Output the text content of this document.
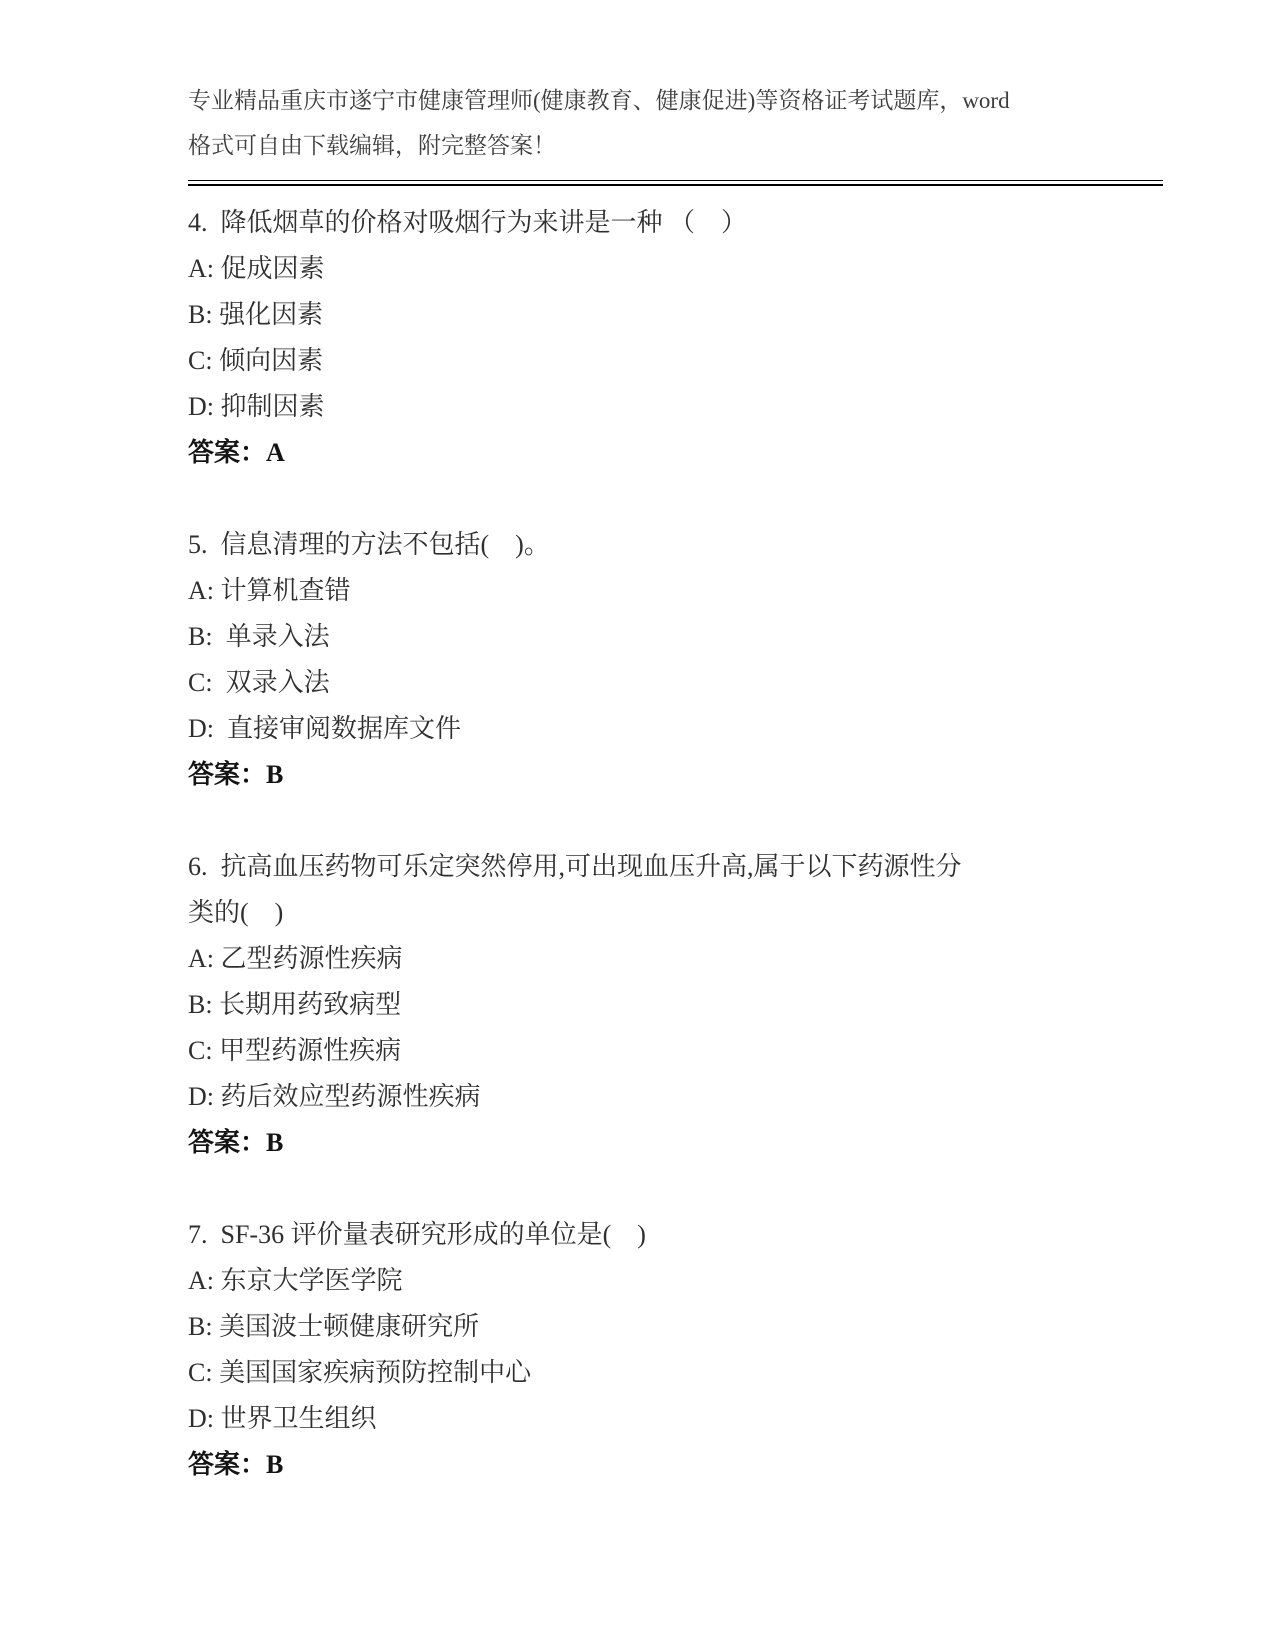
专业精品重庆市遂宁市健康管理师(健康教育、健康促进)等资格证考试题库，word
格式可自由下载编辑，附完整答案！
4.  降低烟草的价格对吸烟行为来讲是一种 （    ）
A: 促成因素
B: 强化因素
C: 倾向因素
D: 抑制因素
答案：A
5.  信息清理的方法不包括(    )。
A: 计算机查错
B:  单录入法
C:  双录入法
D:  直接审阅数据库文件
答案：B
6.  抗高血压药物可乐定突然停用,可出现血压升高,属于以下药源性分
类的(    )
A: 乙型药源性疾病
B: 长期用药致病型
C: 甲型药源性疾病
D: 药后效应型药源性疾病
答案：B
7.  SF-36 评价量表研究形成的单位是(    )
A: 东京大学医学院
B: 美国波士顿健康研究所
C: 美国国家疾病预防控制中心
D: 世界卫生组织
答案：B
